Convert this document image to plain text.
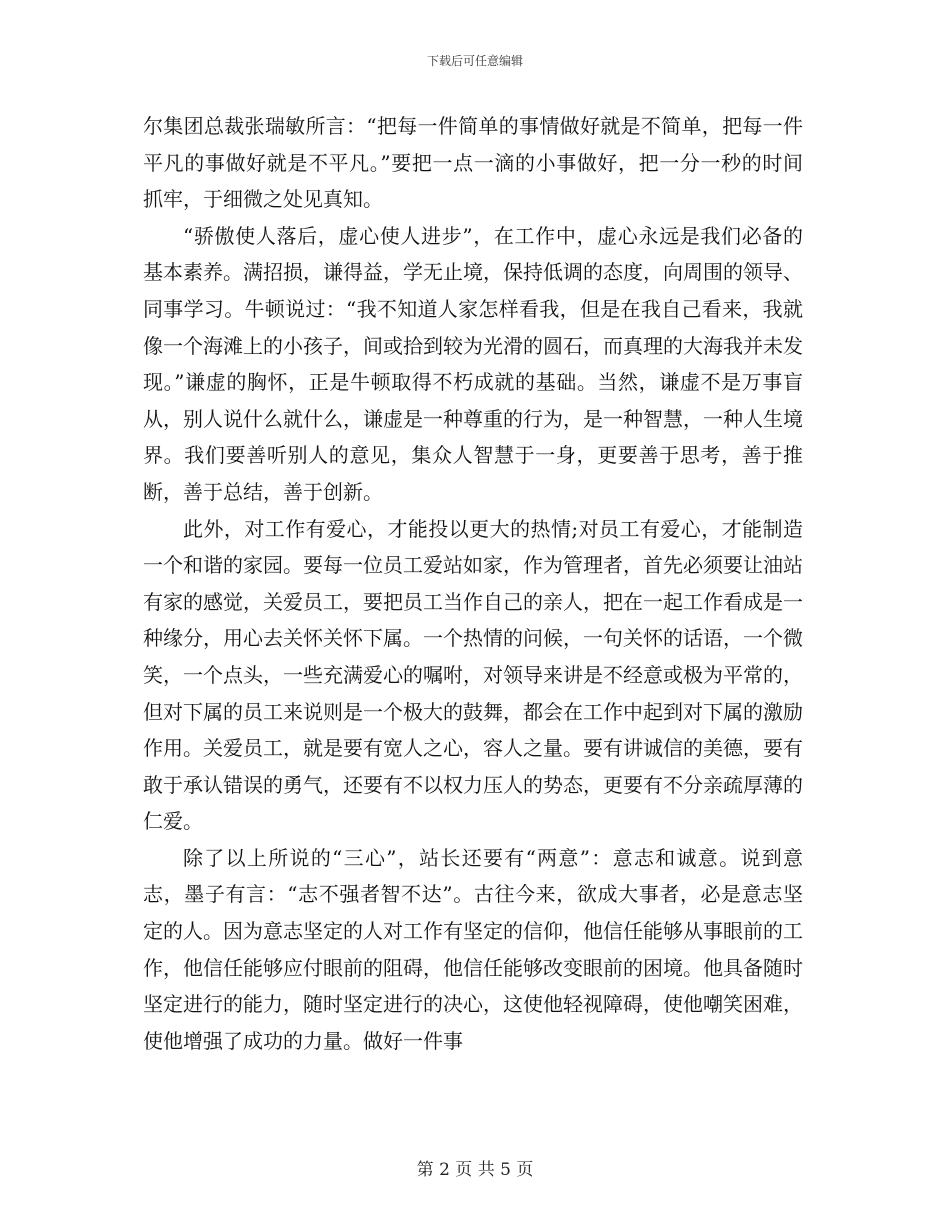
下载后可任意编辑

尔集团总裁张瑞敏所言：“把每一件简单的事情做好就是不简单，把每一件平凡的事做好就是不平凡。”要把一点一滴的小事做好，把一分一秒的时间抓牢，于细微之处见真知。

“骄傲使人落后，虚心使人进步”，在工作中，虚心永远是我们必备的基本素养。满招损，谦得益，学无止境，保持低调的态度，向周围的领导、同事学习。牛顿说过：“我不知道人家怎样看我，但是在我自己看来，我就像一个海滩上的小孩子，间或拾到较为光滑的圆石，而真理的大海我并未发现。”谦虚的胸怀，正是牛顿取得不朽成就的基础。当然，谦虚不是万事盲从，别人说什么就什么，谦虚是一种尊重的行为，是一种智慧，一种人生境界。我们要善听别人的意见，集众人智慧于一身，更要善于思考，善于推断，善于总结，善于创新。

此外，对工作有爱心，才能投以更大的热情;对员工有爱心，才能制造一个和谐的家园。要每一位员工爱站如家，作为管理者，首先必须要让油站有家的感觉，关爱员工，要把员工当作自己的亲人，把在一起工作看成是一种缘分，用心去关怀关怀下属。一个热情的问候，一句关怀的话语，一个微笑，一个点头，一些充满爱心的嘱咐，对领导来讲是不经意或极为平常的，但对下属的员工来说则是一个极大的鼓舞，都会在工作中起到对下属的激励作用。关爱员工，就是要有宽人之心，容人之量。要有讲诚信的美德，要有敢于承认错误的勇气，还要有不以权力压人的势态，更要有不分亲疏厚薄的仁爱。

除了以上所说的“三心”，站长还要有“两意”：意志和诚意。说到意志，墨子有言：“志不强者智不达”。古往今来，欲成大事者，必是意志坚定的人。因为意志坚定的人对工作有坚定的信仰，他信任能够从事眼前的工作，他信任能够应付眼前的阻碍，他信任能够改变眼前的困境。他具备随时坚定进行的能力，随时坚定进行的决心，这使他轻视障碍，使他嘲笑困难，使他增强了成功的力量。做好一件事

第 2 页 共 5 页
